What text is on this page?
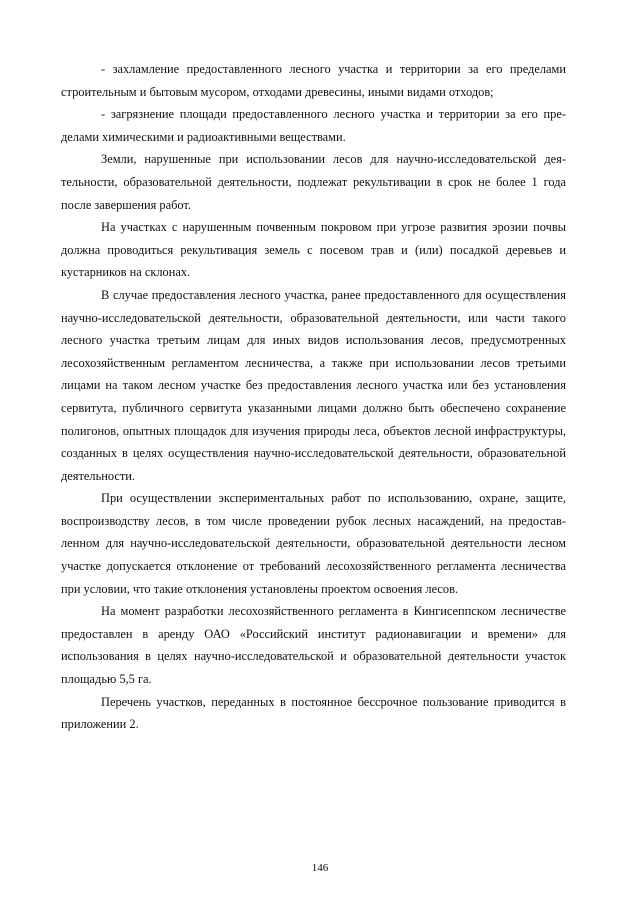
- захламление предоставленного лесного участка и территории за его пределами строительным и бытовым мусором, отходами древесины, иными видами отходов;

- загрязнение площади предоставленного лесного участка и территории за его пределами химическими и радиоактивными веществами.

Земли, нарушенные при использовании лесов для научно-исследовательской деятельности, образовательной деятельности, подлежат рекультивации в срок не более 1 года после завершения работ.

На участках с нарушенным почвенным покровом при угрозе развития эрозии почвы должна проводиться рекультивация земель с посевом трав и (или) посадкой деревьев и кустарников на склонах.

В случае предоставления лесного участка, ранее предоставленного для осуществления научно-исследовательской деятельности, образовательной деятельности, или части такого лесного участка третьим лицам для иных видов использования лесов, предусмотренных лесохозяйственным регламентом лесничества, а также при использовании лесов третьими лицами на таком лесном участке без предоставления лесного участка или без установления сервитута, публичного сервитута указанными лицами должно быть обеспечено сохранение полигонов, опытных площадок для изучения природы леса, объектов лесной инфраструктуры, созданных в целях осуществления научно-исследовательской деятельности, образовательной деятельности.

При осуществлении экспериментальных работ по использованию, охране, защите, воспроизводству лесов, в том числе проведении рубок лесных насаждений, на предоставленном для научно-исследовательской деятельности, образовательной деятельности лесном участке допускается отклонение от требований лесохозяйственного регламента лесничества при условии, что такие отклонения установлены проектом освоения лесов.

На момент разработки лесохозяйственного регламента в Кингисеппском лесничестве предоставлен в аренду ОАО «Российский институт радионавигации и времени» для использования в целях научно-исследовательской и образовательной деятельности участок площадью 5,5 га.

Перечень участков, переданных в постоянное бессрочное пользование приводится в приложении 2.

146
